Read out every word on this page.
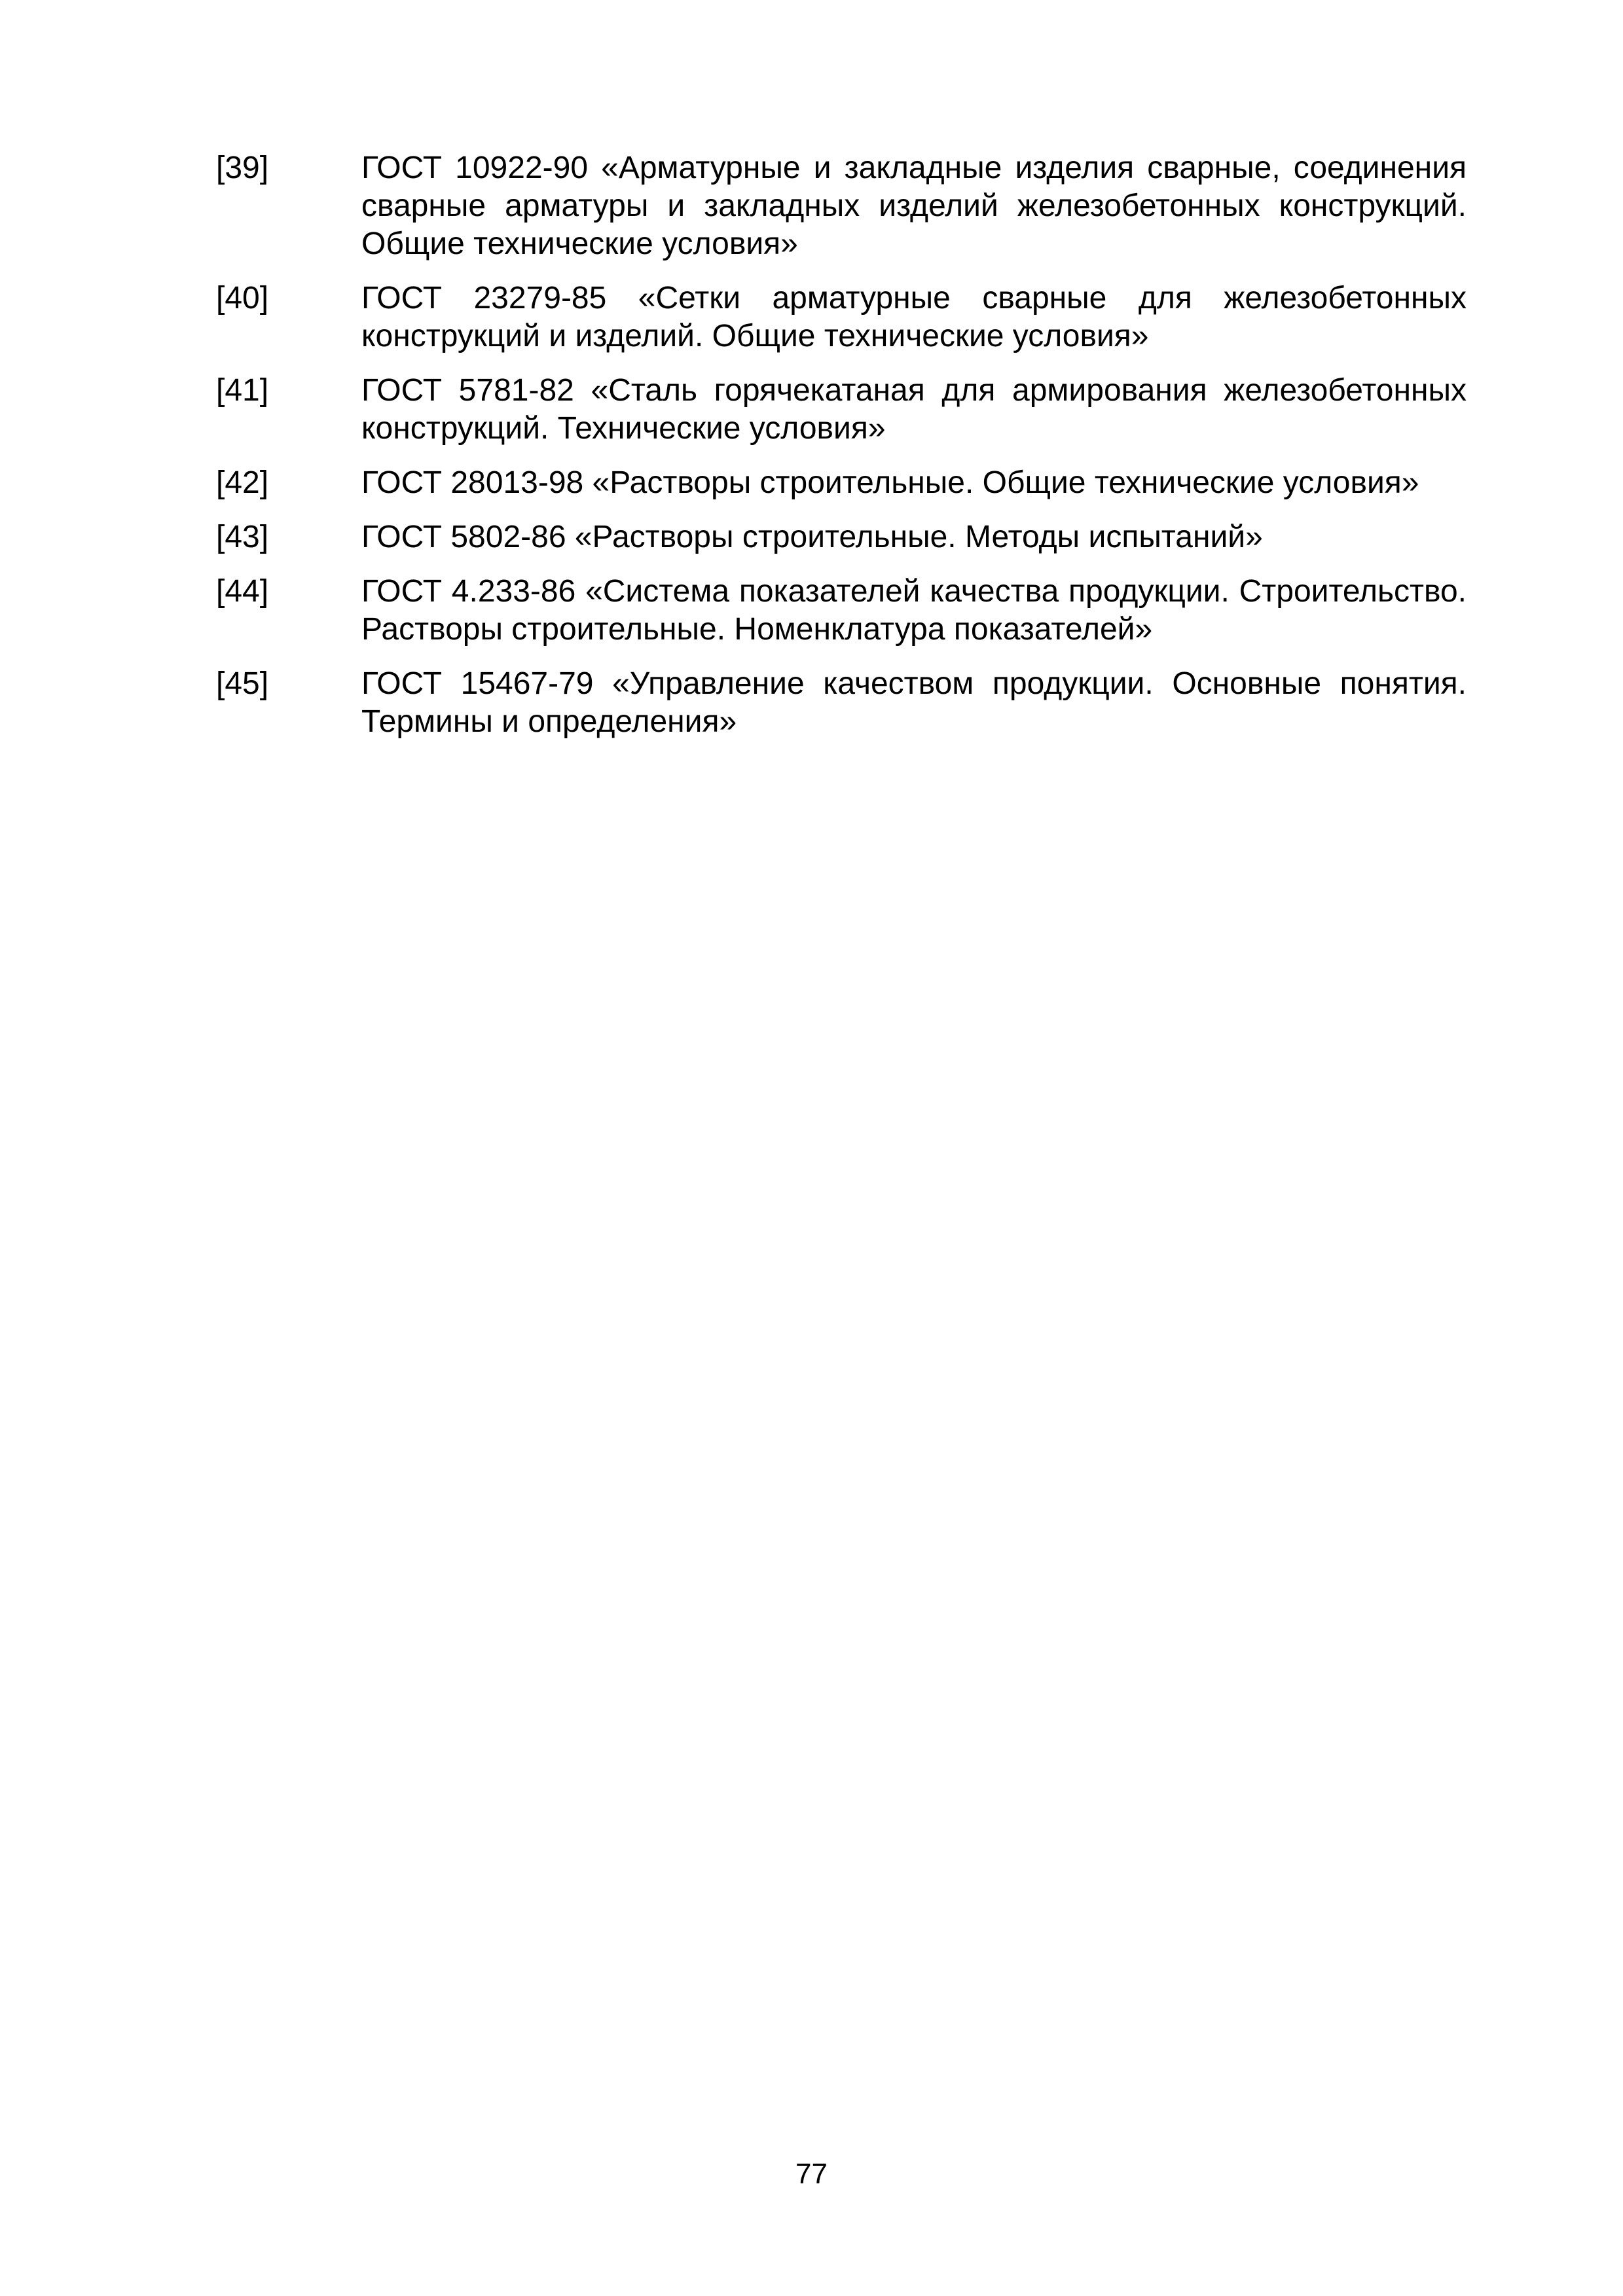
[39]	ГОСТ 10922-90 «Арматурные и закладные изделия сварные, соединения сварные арматуры и закладных изделий железобетонных конструкций. Общие технические условия»
[40]	ГОСТ 23279-85 «Сетки арматурные сварные для железобетонных конструкций и изделий. Общие технические условия»
[41]	ГОСТ 5781-82 «Сталь горячекатаная для армирования железобетонных конструкций. Технические условия»
[42]	ГОСТ 28013-98 «Растворы строительные. Общие технические условия»
[43]	ГОСТ 5802-86 «Растворы строительные. Методы испытаний»
[44]	ГОСТ 4.233-86 «Система показателей качества продукции. Строительство. Растворы строительные. Номенклатура показателей»
[45]	ГОСТ 15467-79 «Управление качеством продукции. Основные понятия. Термины и определения»
77
